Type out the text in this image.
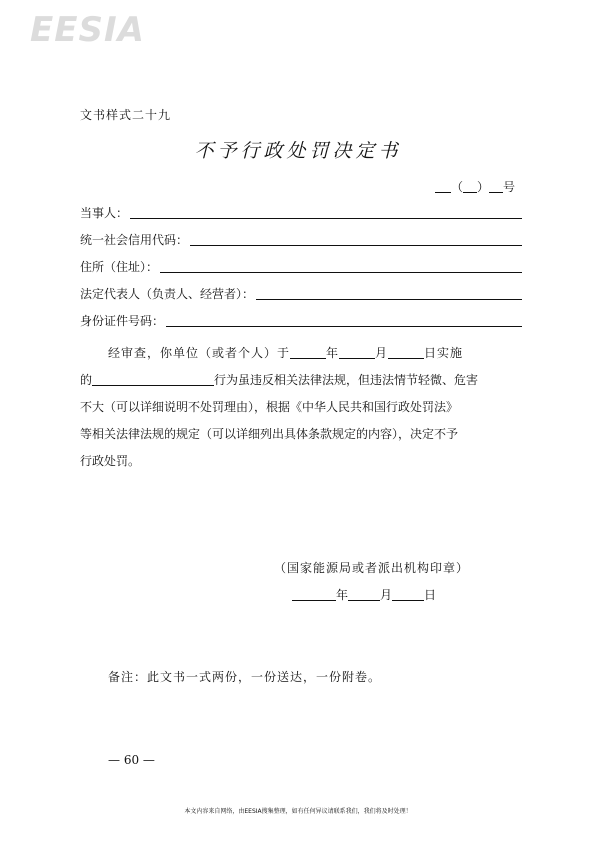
EESIA
文书样式二十九
不予行政处罚决定书
（ ） 号
当事人：
统一社会信用代码：
住所（住址）：
法定代表人（负责人、经营者）：
身份证件号码：
经审查，你单位（或者个人）于	年	月	日实施
的	行为虽违反相关法律法规，但违法情节轻微、危害
不大（可以详细说明不处罚理由），根据《中华人民共和国行政处罚法》
等相关法律法规的规定（可以详细列出具体条款规定的内容），决定不予
行政处罚。
（国家能源局或者派出机构印章）
年	月	日
备注：此文书一式两份，一份送达，一份附卷。
— 60 —
本文内容来自网络，由EESIA搜集整理，如有任何异议请联系我们，我们将及时处理！
